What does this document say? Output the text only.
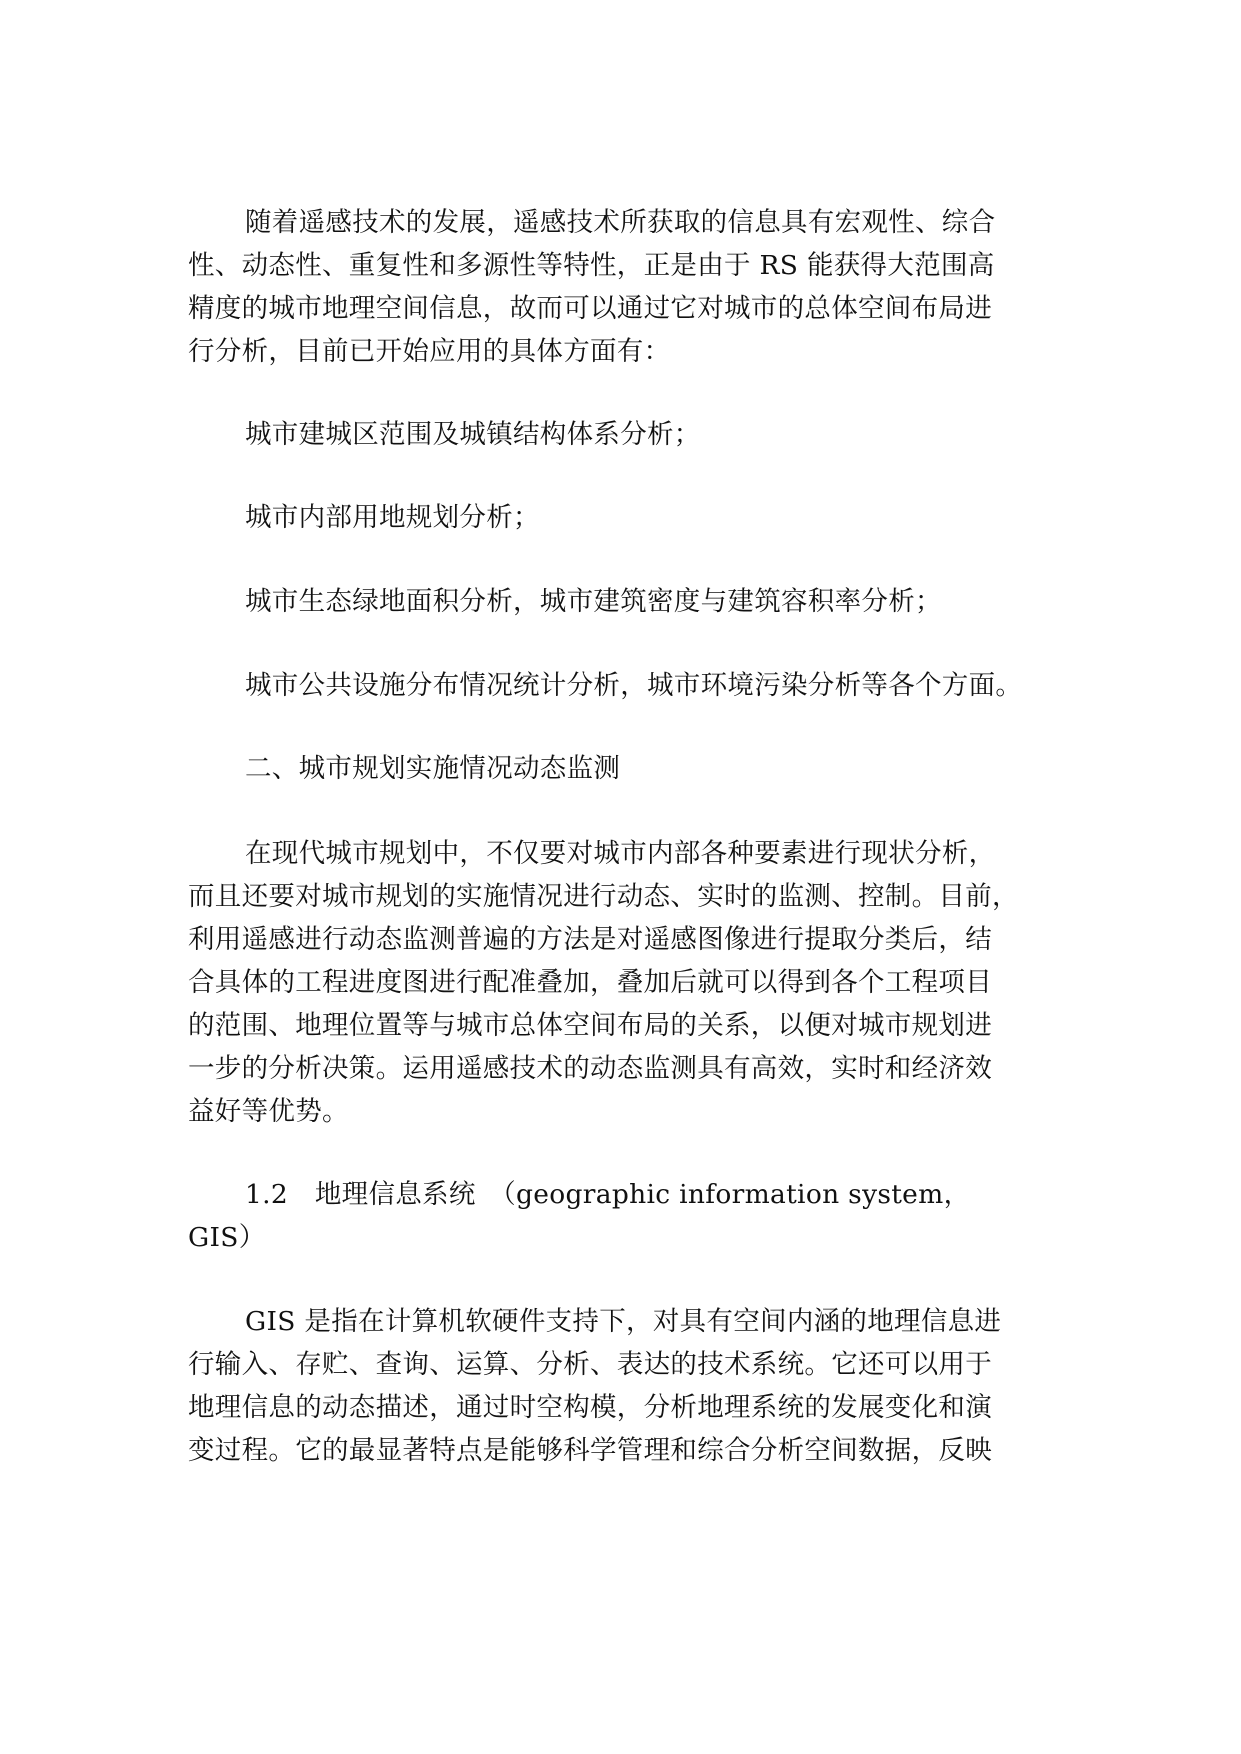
随着遥感技术的发展，遥感技术所获取的信息具有宏观性、综合

性、动态性、重复性和多源性等特性，正是由于 RS 能获得大范围高

精度的城市地理空间信息，故而可以通过它对城市的总体空间布局进

行分析，目前已开始应用的具体方面有：

城市建城区范围及城镇结构体系分析；

城市内部用地规划分析；

城市生态绿地面积分析，城市建筑密度与建筑容积率分析；

城市公共设施分布情况统计分析，城市环境污染分析等各个方面。

二、城市规划实施情况动态监测

在现代城市规划中，不仅要对城市内部各种要素进行现状分析，

而且还要对城市规划的实施情况进行动态、实时的监测、控制。目前，

利用遥感进行动态监测普遍的方法是对遥感图像进行提取分类后，结

合具体的工程进度图进行配准叠加，叠加后就可以得到各个工程项目

的范围、地理位置等与城市总体空间布局的关系，以便对城市规划进

一步的分析决策。运用遥感技术的动态监测具有高效，实时和经济效

益好等优势。

1.2　地理信息系统　（geographic information system，

GIS）

GIS 是指在计算机软硬件支持下，对具有空间内涵的地理信息进

行输入、存贮、查询、运算、分析、表达的技术系统。它还可以用于

地理信息的动态描述，通过时空构模，分析地理系统的发展变化和演

变过程。它的最显著特点是能够科学管理和综合分析空间数据，反映
